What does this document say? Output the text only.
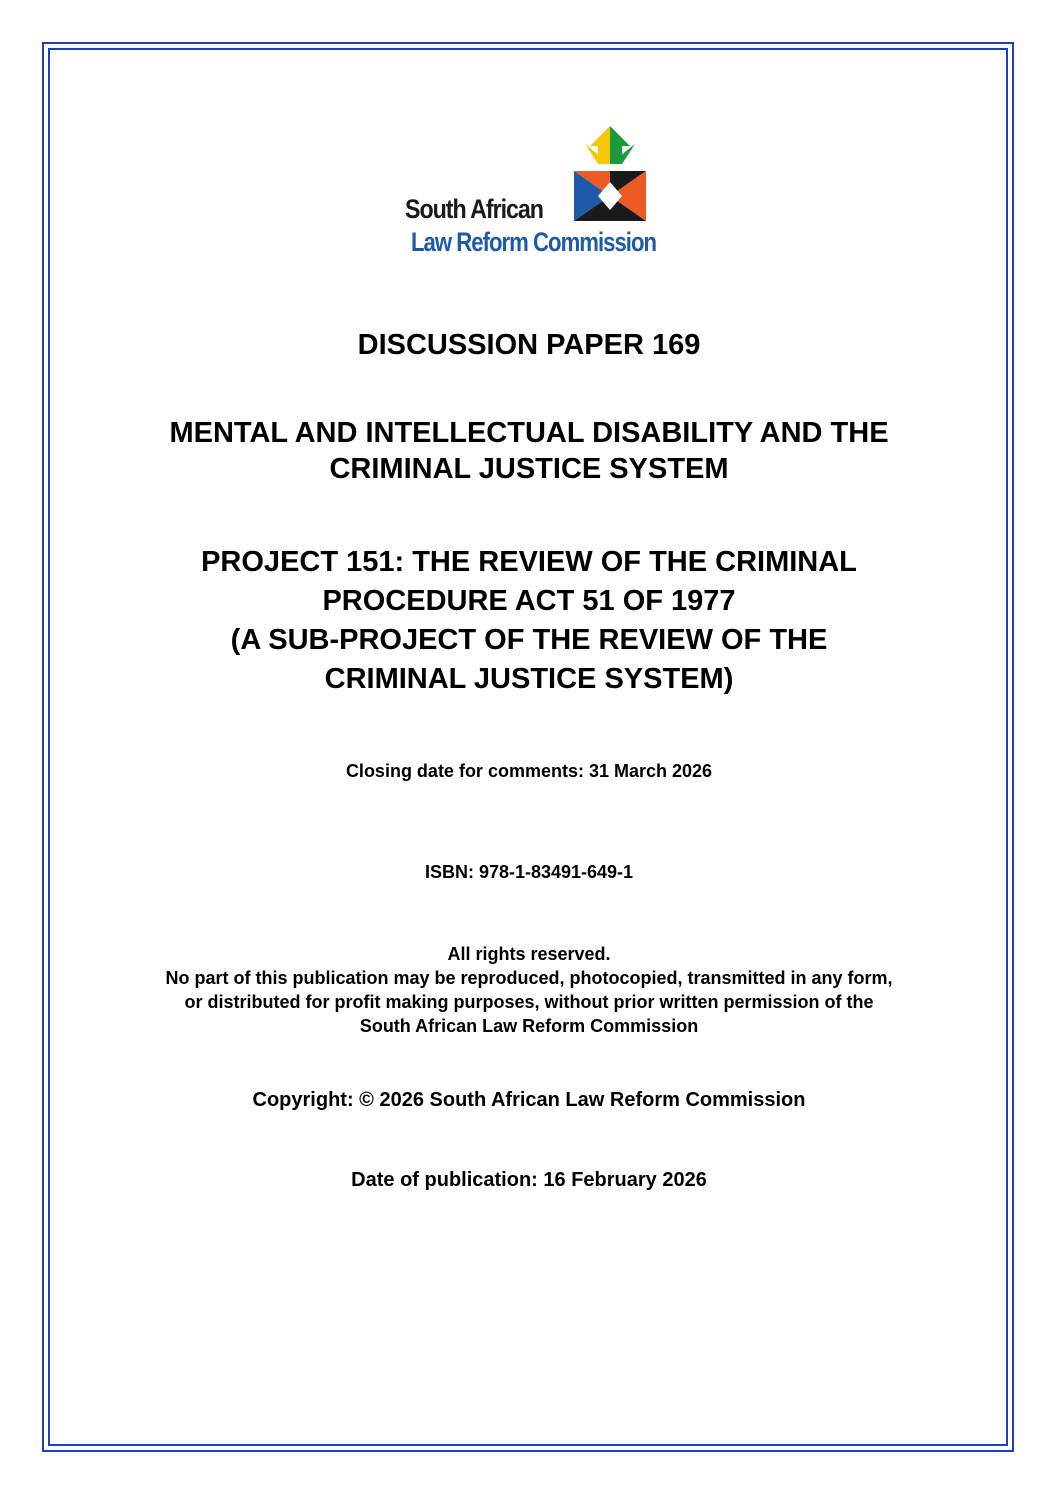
South African
Law Reform Commission
DISCUSSION PAPER 169
MENTAL AND INTELLECTUAL DISABILITY AND THE
CRIMINAL JUSTICE SYSTEM
PROJECT 151: THE REVIEW OF THE CRIMINAL
PROCEDURE ACT 51 OF 1977
(A SUB-PROJECT OF THE REVIEW OF THE
CRIMINAL JUSTICE SYSTEM)
Closing date for comments: 31 March 2026
ISBN: 978-1-83491-649-1
All rights reserved.
No part of this publication may be reproduced, photocopied, transmitted in any form,
or distributed for profit making purposes, without prior written permission of the
South African Law Reform Commission
Copyright: © 2026 South African Law Reform Commission
Date of publication: 16 February 2026
